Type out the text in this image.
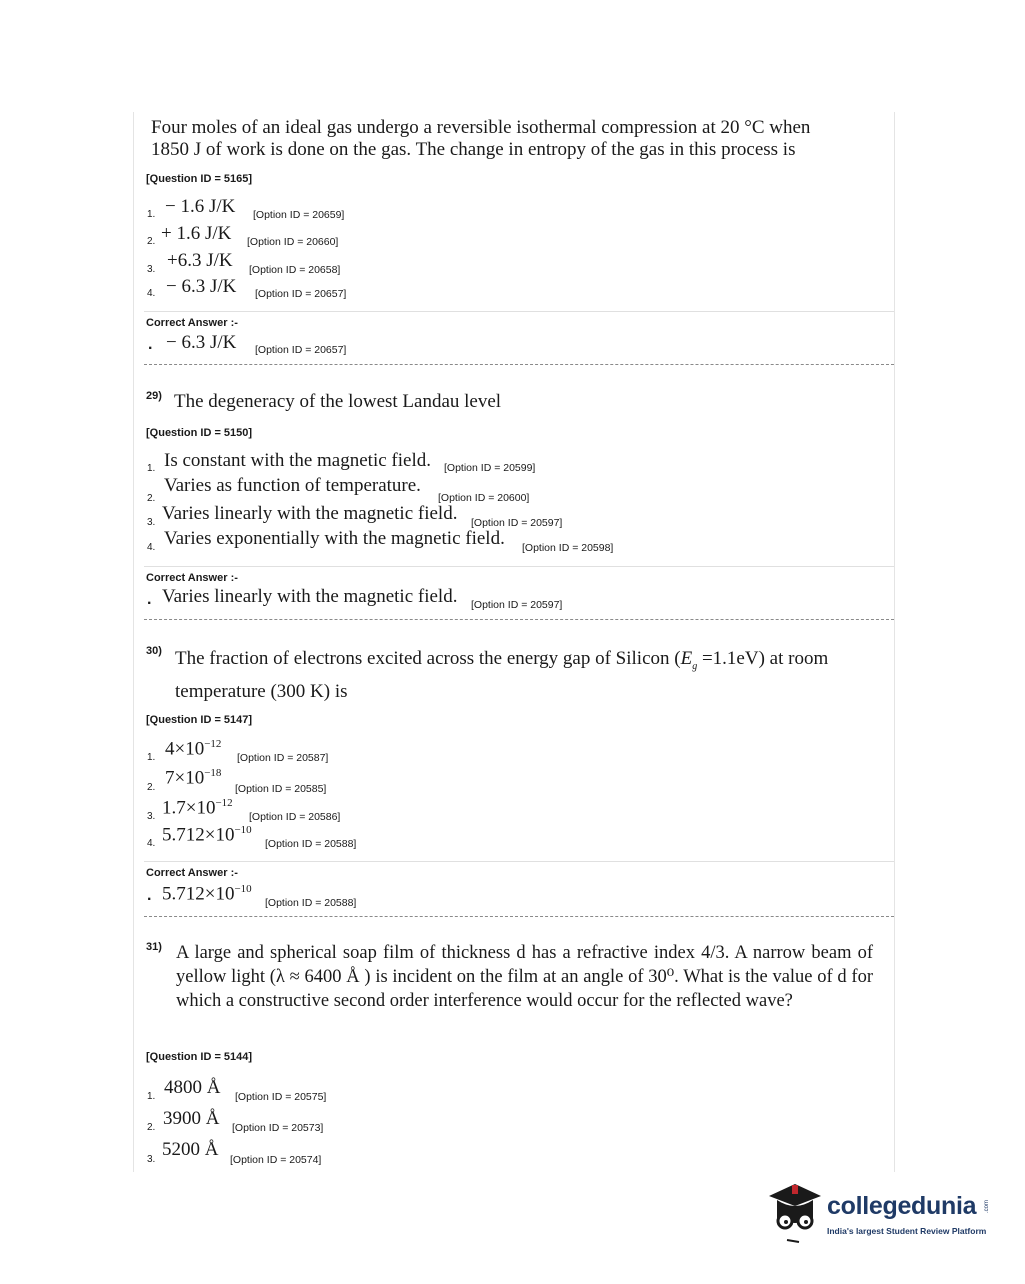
Four moles of an ideal gas undergo a reversible isothermal compression at 20 °C when
1850 J of work is done on the gas. The change in entropy of the gas in this process is
[Question ID = 5165]
1. − 1.6 J/K [Option ID = 20659]
2. + 1.6 J/K [Option ID = 20660]
3. +6.3 J/K [Option ID = 20658]
4. − 6.3 J/K [Option ID = 20657]
Correct Answer :-
. − 6.3 J/K [Option ID = 20657]
29) The degeneracy of the lowest Landau level
[Question ID = 5150]
1. Is constant with the magnetic field. [Option ID = 20599]
2.
Varies as function of temperature.
[Option ID = 20600]
3. Varies linearly with the magnetic field. [Option ID = 20597]
4. Varies exponentially with the magnetic field. [Option ID = 20598]
Correct Answer :-
. Varies linearly with the magnetic field. [Option ID = 20597]
30) The fraction of electrons excited across the energy gap of Silicon $(E_g =1.1eV)$ at room
temperature (300 K) is
[Question ID = 5147]
1. $4\times 10^{-12}$
[Option ID = 20587]
2. $7\times 10^{-18}$
[Option ID = 20585]
3. $1.7\times 10^{-12}$
[Option ID = 20586]
4. $5.712\times 10^{-10}$
[Option ID = 20588]
Correct Answer :-
. $5.712\times 10^{-10}$
[Option ID = 20588]
31) A large and spherical soap film of thickness d has a refractive index 4/3. A narrow beam of yellow light (λ ≈ 6400 Å ) is incident on the film at an angle of 30⁰. What is the value of d for which a constructive second order interference would occur for the reflected wave?
[Question ID = 5144]
1. 4800 Å [Option ID = 20575]
2. 3900 Å [Option ID = 20573]
3. 5200 Å [Option ID = 20574]
collegedunia .com
India's largest Student Review Platform
